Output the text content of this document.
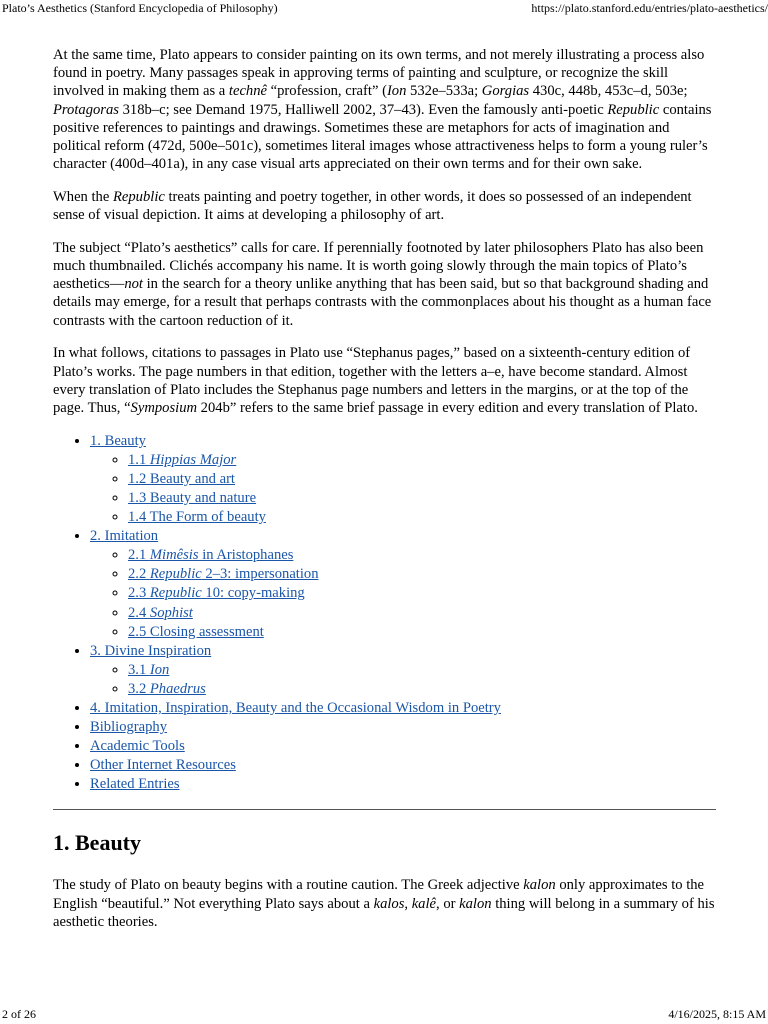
Plato’s Aesthetics (Stanford Encyclopedia of Philosophy)	https://plato.stanford.edu/entries/plato-aesthetics/

At the same time, Plato appears to consider painting on its own terms, and not merely illustrating a process also found in poetry. Many passages speak in approving terms of painting and sculpture, or recognize the skill involved in making them as a technê “profession, craft” (Ion 532e–533a; Gorgias 430c, 448b, 453c–d, 503e; Protagoras 318b–c; see Demand 1975, Halliwell 2002, 37–43). Even the famously anti-poetic Republic contains positive references to paintings and drawings. Sometimes these are metaphors for acts of imagination and political reform (472d, 500e–501c), sometimes literal images whose attractiveness helps to form a young ruler’s character (400d–401a), in any case visual arts appreciated on their own terms and for their own sake.

When the Republic treats painting and poetry together, in other words, it does so possessed of an independent sense of visual depiction. It aims at developing a philosophy of art.

The subject “Plato’s aesthetics” calls for care. If perennially footnoted by later philosophers Plato has also been much thumbnailed. Clichés accompany his name. It is worth going slowly through the main topics of Plato’s aesthetics—not in the search for a theory unlike anything that has been said, but so that background shading and details may emerge, for a result that perhaps contrasts with the commonplaces about his thought as a human face contrasts with the cartoon reduction of it.

In what follows, citations to passages in Plato use “Stephanus pages,” based on a sixteenth-century edition of Plato’s works. The page numbers in that edition, together with the letters a–e, have become standard. Almost every translation of Plato includes the Stephanus page numbers and letters in the margins, or at the top of the page. Thus, “Symposium 204b” refers to the same brief passage in every edition and every translation of Plato.

• 1. Beauty
◦ 1.1 Hippias Major
◦ 1.2 Beauty and art
◦ 1.3 Beauty and nature
◦ 1.4 The Form of beauty
• 2. Imitation
◦ 2.1 Mimêsis in Aristophanes
◦ 2.2 Republic 2–3: impersonation
◦ 2.3 Republic 10: copy-making
◦ 2.4 Sophist
◦ 2.5 Closing assessment
• 3. Divine Inspiration
◦ 3.1 Ion
◦ 3.2 Phaedrus
• 4. Imitation, Inspiration, Beauty and the Occasional Wisdom in Poetry
• Bibliography
• Academic Tools
• Other Internet Resources
• Related Entries
1. Beauty

The study of Plato on beauty begins with a routine caution. The Greek adjective kalon only approximates to the English “beautiful.” Not everything Plato says about a kalos, kalê, or kalon thing will belong in a summary of his aesthetic theories.

2 of 26	4/16/2025, 8:15 AM
